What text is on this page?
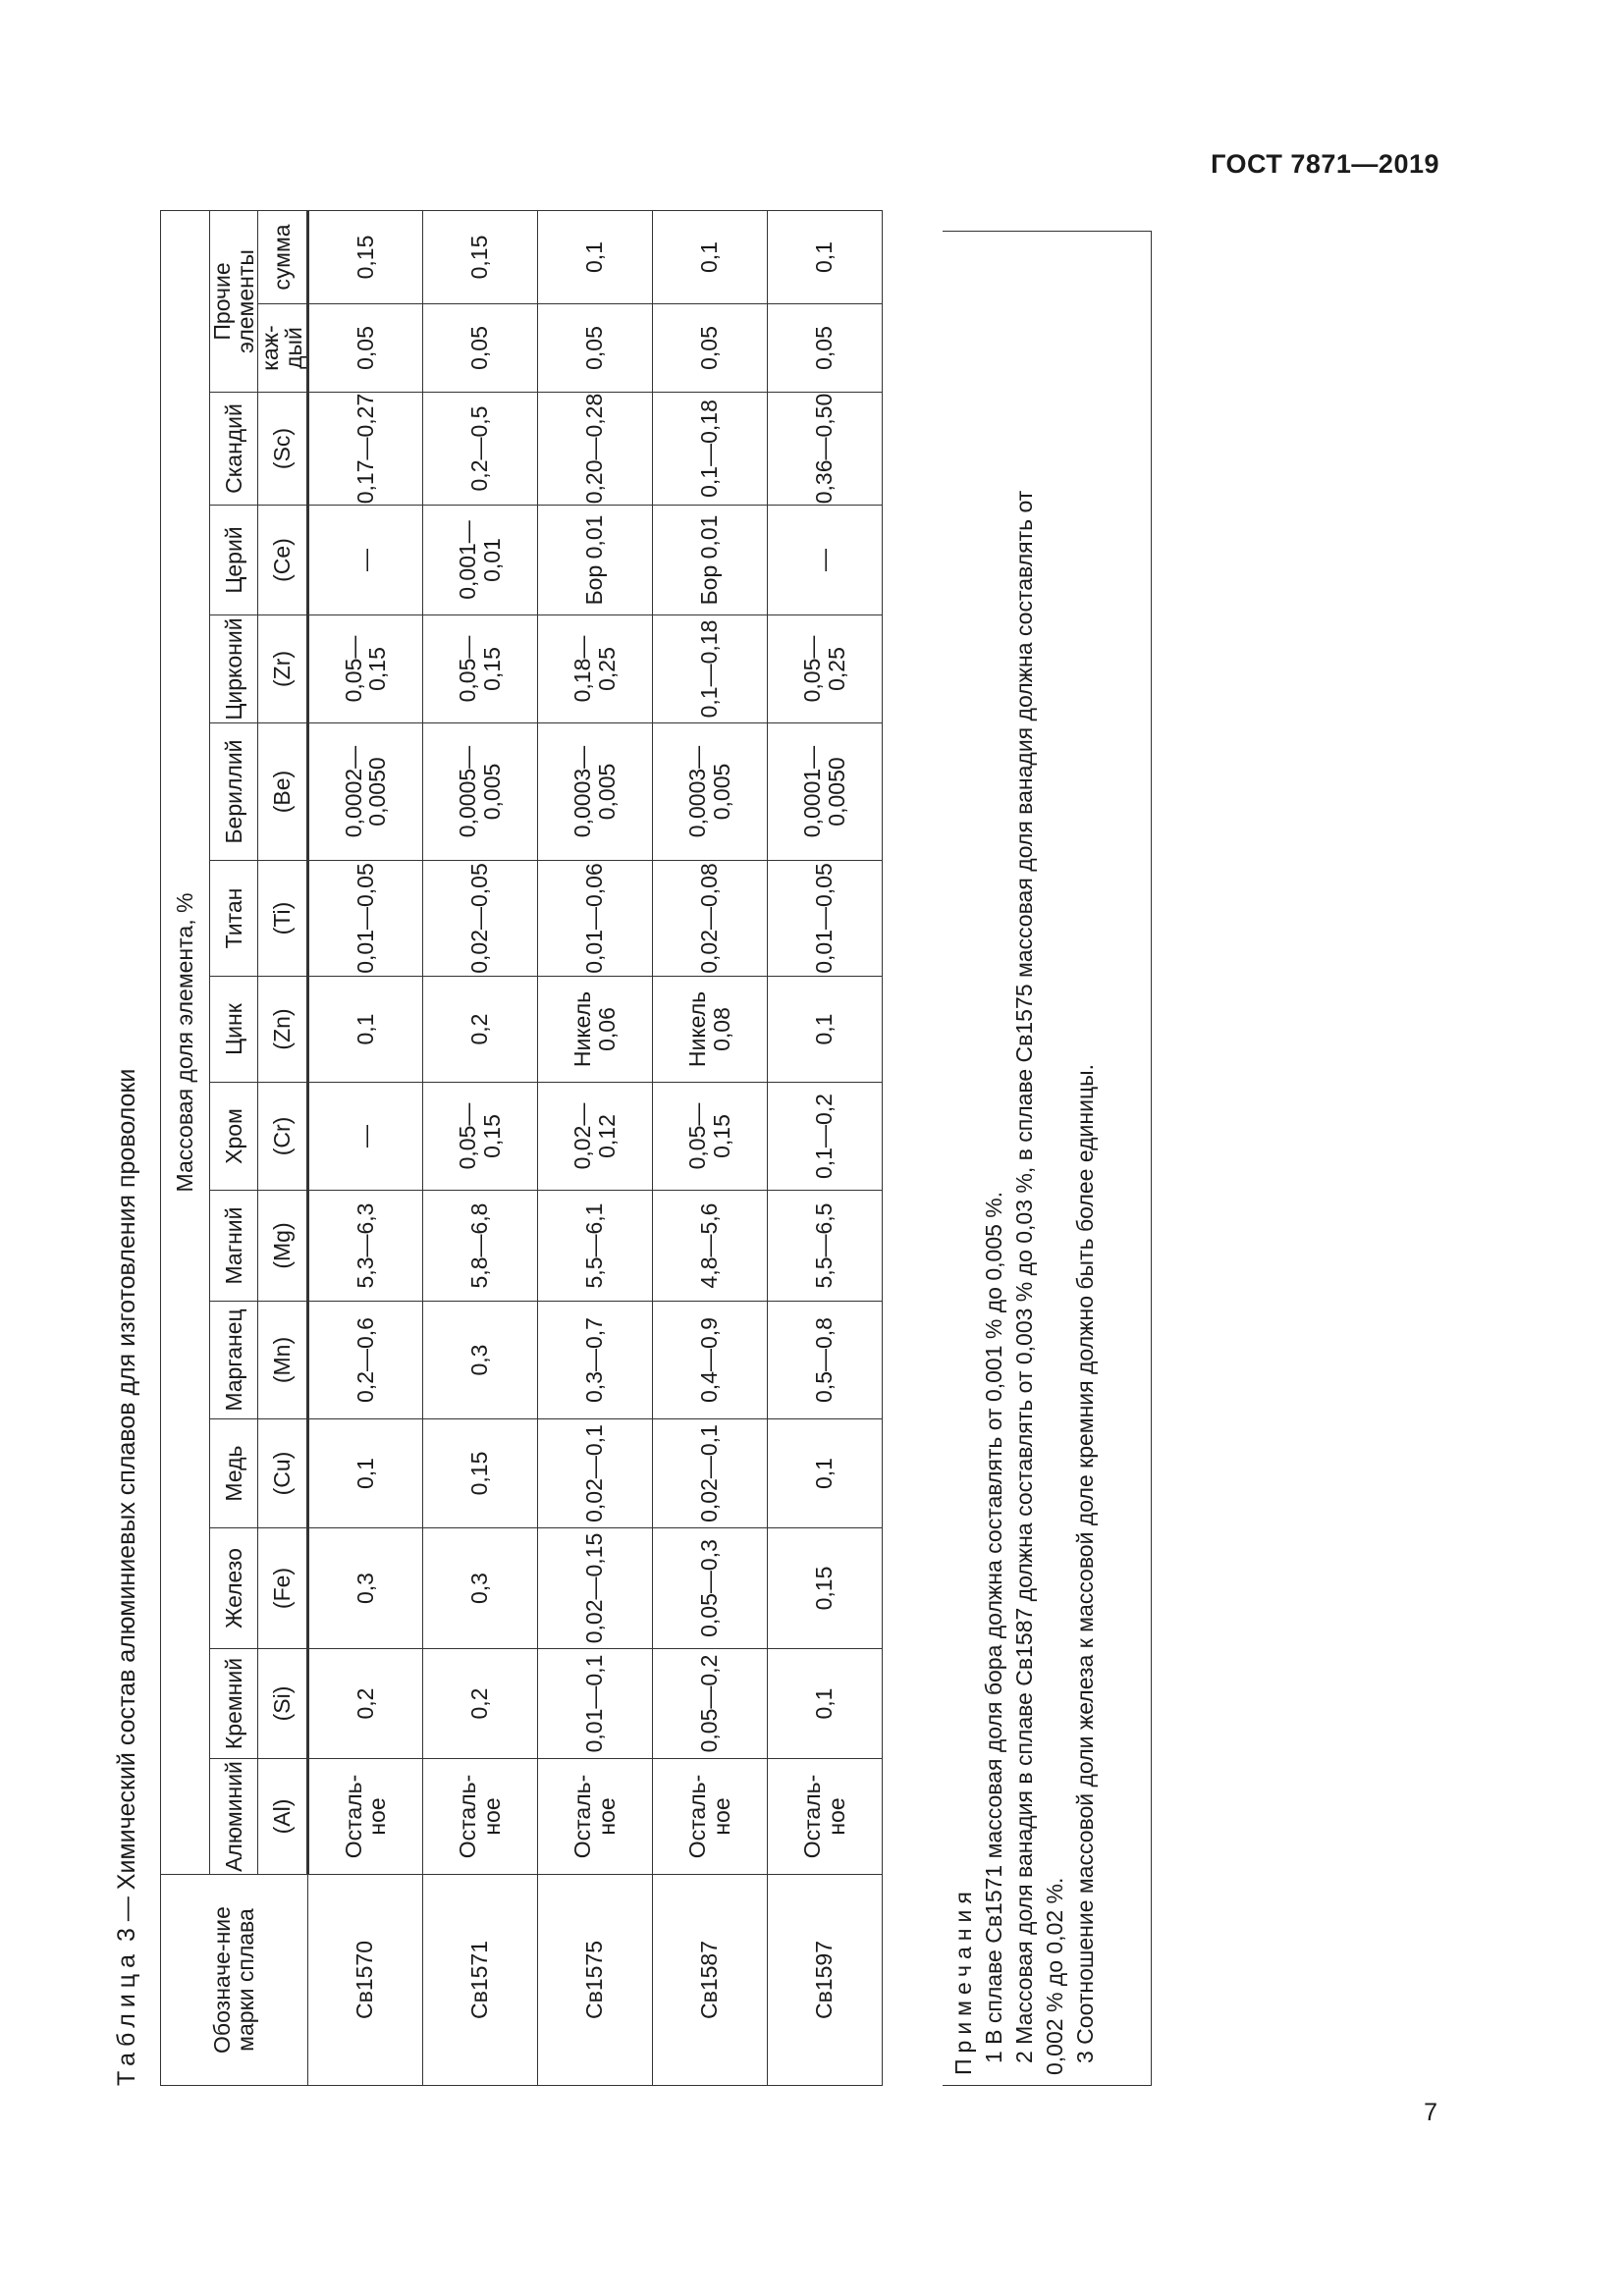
ГОСТ 7871—2019
7
Таблица 3 — Химический состав алюминиевых сплавов для изготовления проволоки
Обозначе-ние марки сплава	Массовая доля элемента, %														
	Алюминий	Кремний	Железо	Медь	Марганец	Магний	Хром	Цинк	Титан	Бериллий	Цирконий	Церий	Скандий	Прочие элементы	
	(Al)	(Si)	(Fe)	(Cu)	(Mn)	(Mg)	(Cr)	(Zn)	(Ti)	(Be)	(Zr)	(Ce)	(Sc)	каж-дый	сумма
Св1570	Осталь-ное	0,2	0,3	0,1	0,2—0,6	5,3—6,3	—	0,1	0,01—0,05	0,0002—0,0050	0,05—0,15	—	0,17—0,27	0,05	0,15
Св1571	Осталь-ное	0,2	0,3	0,15	0,3	5,8—6,8	0,05—0,15	0,2	0,02—0,05	0,0005—0,005	0,05—0,15	0,001—0,01	0,2—0,5	0,05	0,15
Св1575	Осталь-ное	0,01—0,1	0,02—0,15	0,02—0,1	0,3—0,7	5,5—6,1	0,02—0,12	Никель 0,06	0,01—0,06	0,0003—0,005	0,18—0,25	Бор 0,01	0,20—0,28	0,05	0,1
Св1587	Осталь-ное	0,05—0,2	0,05—0,3	0,02—0,1	0,4—0,9	4,8—5,6	0,05—0,15	Никель 0,08	0,02—0,08	0,0003—0,005	0,1—0,18	Бор 0,01	0,1—0,18	0,05	0,1
Св1597	Осталь-ное	0,1	0,15	0,1	0,5—0,8	5,5—6,5	0,1—0,2	0,1	0,01—0,05	0,0001—0,0050	0,05—0,25	—	0,36—0,50	0,05	0,1

Примечания 1 В сплаве Св1571 массовая доля бора должна составлять от 0,001 % до 0,005 %. 2 Массовая доля ванадия в сплаве Св1587 должна составлять от 0,003 % до 0,03 %, в сплаве Св1575 массовая доля ванадия должна составлять от 0,002 % до 0,02 %. 3 Соотношение массовой доли железа к массовой доле кремния должно быть более единицы.
